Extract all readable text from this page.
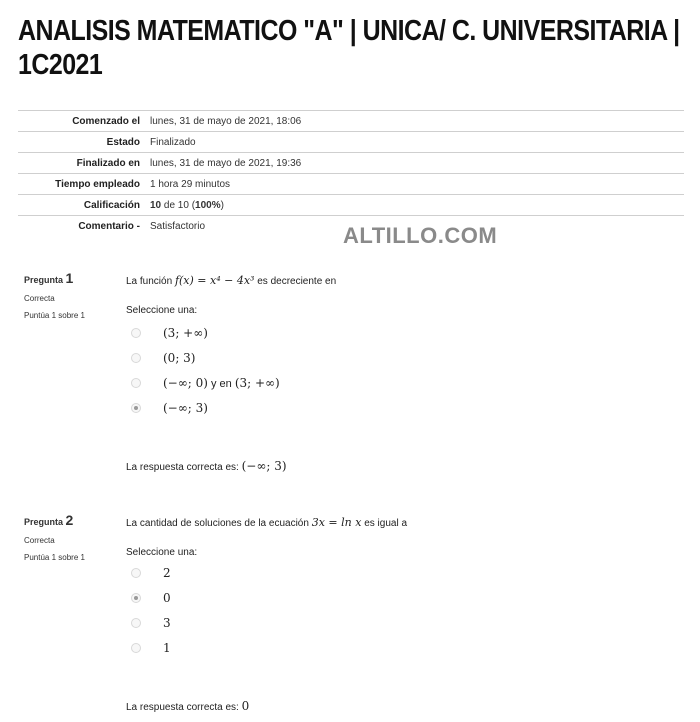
ANALISIS MATEMATICO "A" | UNICA/ C. UNIVERSITARIA | 1C2021
Comenzado el	lunes, 31 de mayo de 2021, 18:06
Estado	Finalizado
Finalizado en	lunes, 31 de mayo de 2021, 19:36
Tiempo empleado	1 hora 29 minutos
Calificación	10 de 10 (100%)
Comentario -	Satisfactorio	ALTILLO.COM
Pregunta 1
Correcta
Puntúa 1 sobre 1
La función f(x) = x⁴ − 4x³ es decreciente en
Seleccione una:
(3; +∞)
(0; 3)
(−∞; 0) y en (3; +∞)
(−∞; 3)
La respuesta correcta es: (−∞; 3)
Pregunta 2
Correcta
Puntúa 1 sobre 1
La cantidad de soluciones de la ecuación 3x = ln x es igual a
Seleccione una:
2
0
3
1
La respuesta correcta es: 0
